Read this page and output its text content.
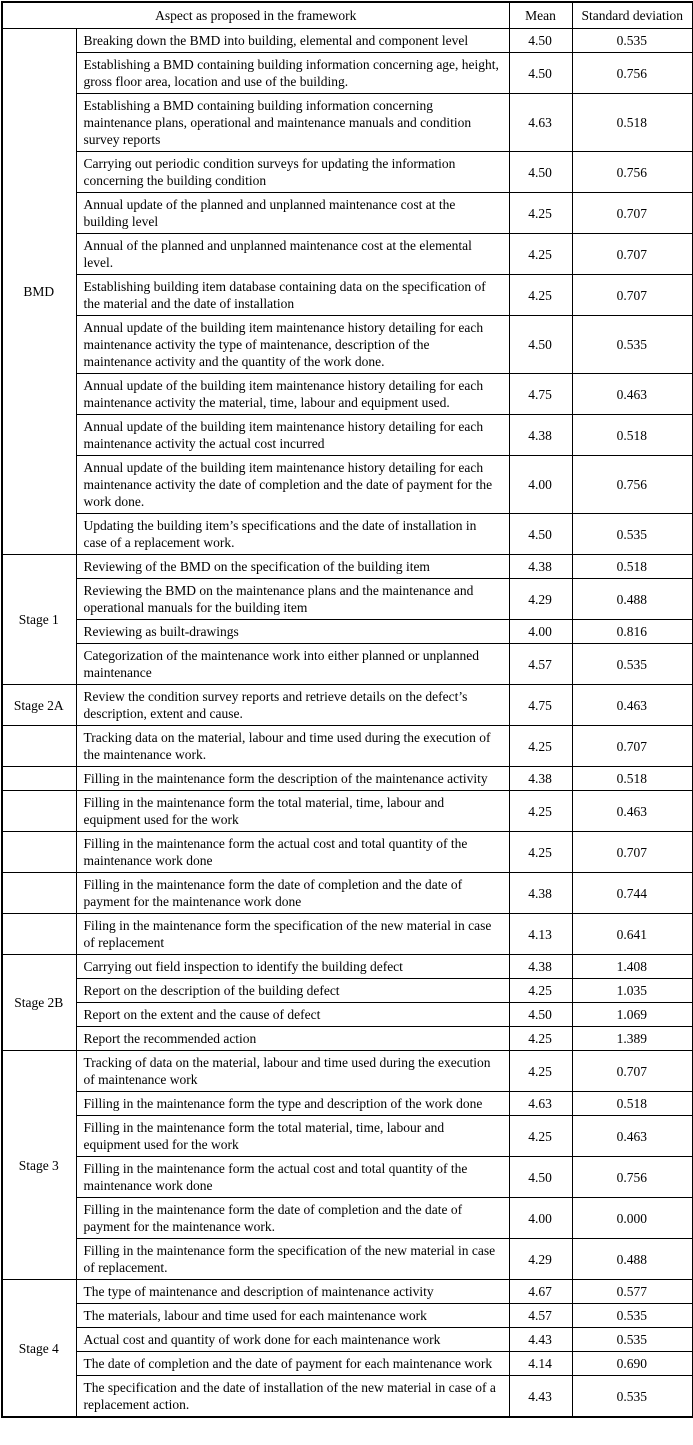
Aspect as proposed in the framework		Mean	Standard deviation
BMD	Breaking down the BMD into building, elemental and component level	4.50	0.535
	Establishing a BMD containing building information concerning age, height, gross floor area, location and use of the building.	4.50	0.756
	Establishing a BMD containing building information concerning maintenance plans, operational and maintenance manuals and condition survey reports	4.63	0.518
	Carrying out periodic condition surveys for updating the information concerning the building condition	4.50	0.756
	Annual update of the planned and unplanned maintenance cost at the building level	4.25	0.707
	Annual of the planned and unplanned maintenance cost at the elemental level.	4.25	0.707
	Establishing building item database containing data on the specification of the material and the date of installation	4.25	0.707
	Annual update of the building item maintenance history detailing for each maintenance activity the type of maintenance, description of the maintenance activity and the quantity of the work done.	4.50	0.535
	Annual update of the building item maintenance history detailing for each maintenance activity the material, time, labour and equipment used.	4.75	0.463
	Annual update of the building item maintenance history detailing for each maintenance activity the actual cost incurred	4.38	0.518
	Annual update of the building item maintenance history detailing for each maintenance activity the date of completion and the date of payment for the work done.	4.00	0.756
	Updating the building item’s specifications and the date of installation in case of a replacement work.	4.50	0.535
Stage 1	Reviewing of the BMD on the specification of the building item	4.38	0.518
	Reviewing the BMD on the maintenance plans and the maintenance and operational manuals for the building item	4.29	0.488
	Reviewing as built-drawings	4.00	0.816
	Categorization of the maintenance work into either planned or unplanned maintenance	4.57	0.535
Stage 2A	Review the condition survey reports and retrieve details on the defect’s description, extent and cause.	4.75	0.463
	Tracking data on the material, labour and time used during the execution of the maintenance work.	4.25	0.707
	Filling in the maintenance form the description of the maintenance activity	4.38	0.518
	Filling in the maintenance form the total material, time, labour and equipment used for the work	4.25	0.463
	Filling in the maintenance form the actual cost and total quantity of the maintenance work done	4.25	0.707
	Filling in the maintenance form the date of completion and the date of payment for the maintenance work done	4.38	0.744
	Filing in the maintenance form the specification of the new material in case of replacement	4.13	0.641
Stage 2B	Carrying out field inspection to identify the building defect	4.38	1.408
	Report on the description of the building defect	4.25	1.035
	Report on the extent and the cause of defect	4.50	1.069
	Report the recommended action	4.25	1.389
Stage 3	Tracking of data on the material, labour and time used during the execution of maintenance work	4.25	0.707
	Filling in the maintenance form the type and description of the work done	4.63	0.518
	Filling in the maintenance form the total material, time, labour and equipment used for the work	4.25	0.463
	Filling in the maintenance form the actual cost and total quantity of the maintenance work done	4.50	0.756
	Filling in the maintenance form the date of completion and the date of payment for the maintenance work.	4.00	0.000
	Filling in the maintenance form the specification of the new material in case of replacement.	4.29	0.488
Stage 4	The type of maintenance and description of maintenance activity	4.67	0.577
	The materials, labour and time used for each maintenance work	4.57	0.535
	Actual cost and quantity of work done for each maintenance work	4.43	0.535
	The date of completion and the date of payment for each maintenance work	4.14	0.690
	The specification and the date of installation of the new material in case of a replacement action.	4.43	0.535
